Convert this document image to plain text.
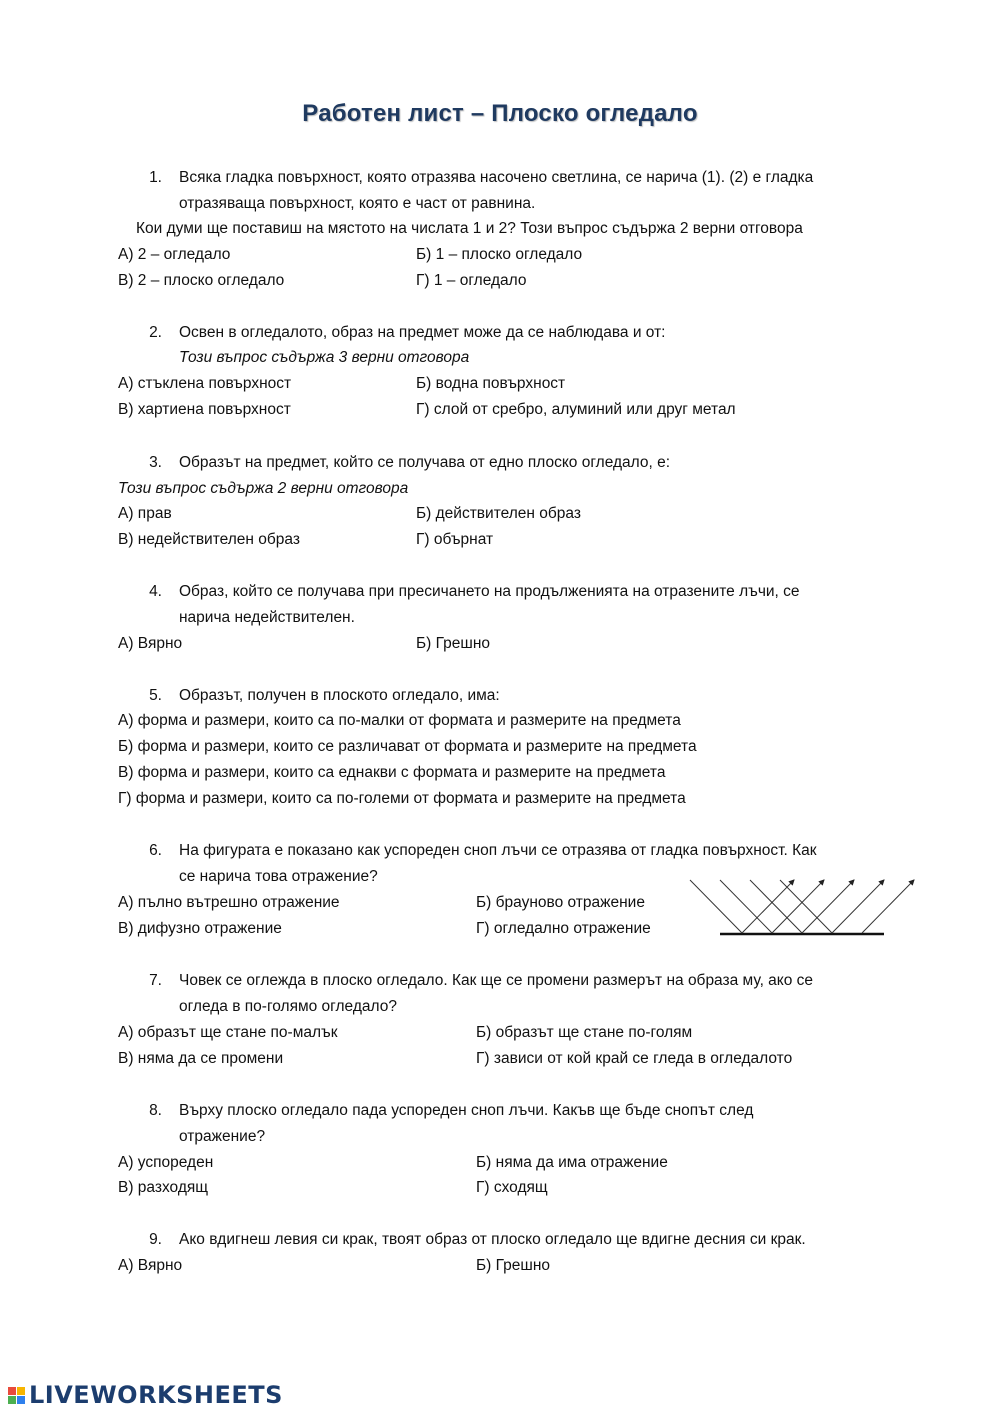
Работен лист – Плоско огледало
1. Всяка гладка повърхност, която отразява насочено светлина, се нарича (1). (2) е гладка
отразяваща повърхност, която е част от равнина.
Кои думи ще поставиш на мястото на числата 1 и 2? Този въпрос съдържа 2 верни отговора
А) 2 – огледало	Б) 1 – плоско огледало
В) 2 – плоско огледало	Г) 1 – огледало
2. Освен в огледалото, образ на предмет може да се наблюдава и от:
Този въпрос съдържа 3 верни отговора
А) стъклена повърхност	Б) водна повърхност
В) хартиена повърхност	Г) слой от сребро, алуминий или друг метал
3. Образът на предмет, който се получава от едно плоско огледало, е:
Този въпрос съдържа 2 верни отговора
А) прав	Б) действителен образ
В) недействителен образ	Г) обърнат
4. Образ, който се получава при пресичането на продълженията на отразените лъчи, се
нарича недействителен.
А) Вярно	Б) Грешно
5. Образът, получен в плоското огледало, има:
А) форма и размери, които са по-малки от формата и размерите на предмета
Б) форма и размери, които се различават от формата и размерите на предмета
В) форма и размери, които са еднакви с формата и размерите на предмета
Г) форма и размери, които са по-големи от формата и размерите на предмета
6. На фигурата е показано как успореден сноп лъчи се отразява от гладка повърхност. Как
се нарича това отражение?
А) пълно вътрешно отражение	Б) брауново отражение
В) дифузно отражение	Г) огледално отражение
7. Човек се оглежда в плоско огледало. Как ще се промени размерът на образа му, ако се
огледа в по-голямо огледало?
А) образът ще стане по-малък	Б) образът ще стане по-голям
В) няма да се промени	Г) зависи от кой край се гледа в огледалото
8. Върху плоско огледало пада успореден сноп лъчи. Какъв ще бъде снопът след
отражение?
А) успореден	Б) няма да има отражение
В) разходящ	Г) сходящ
9. Ако вдигнеш левия си крак, твоят образ от плоско огледало ще вдигне десния си крак.
А) Вярно	Б) Грешно
LIVEWORKSHEETS
